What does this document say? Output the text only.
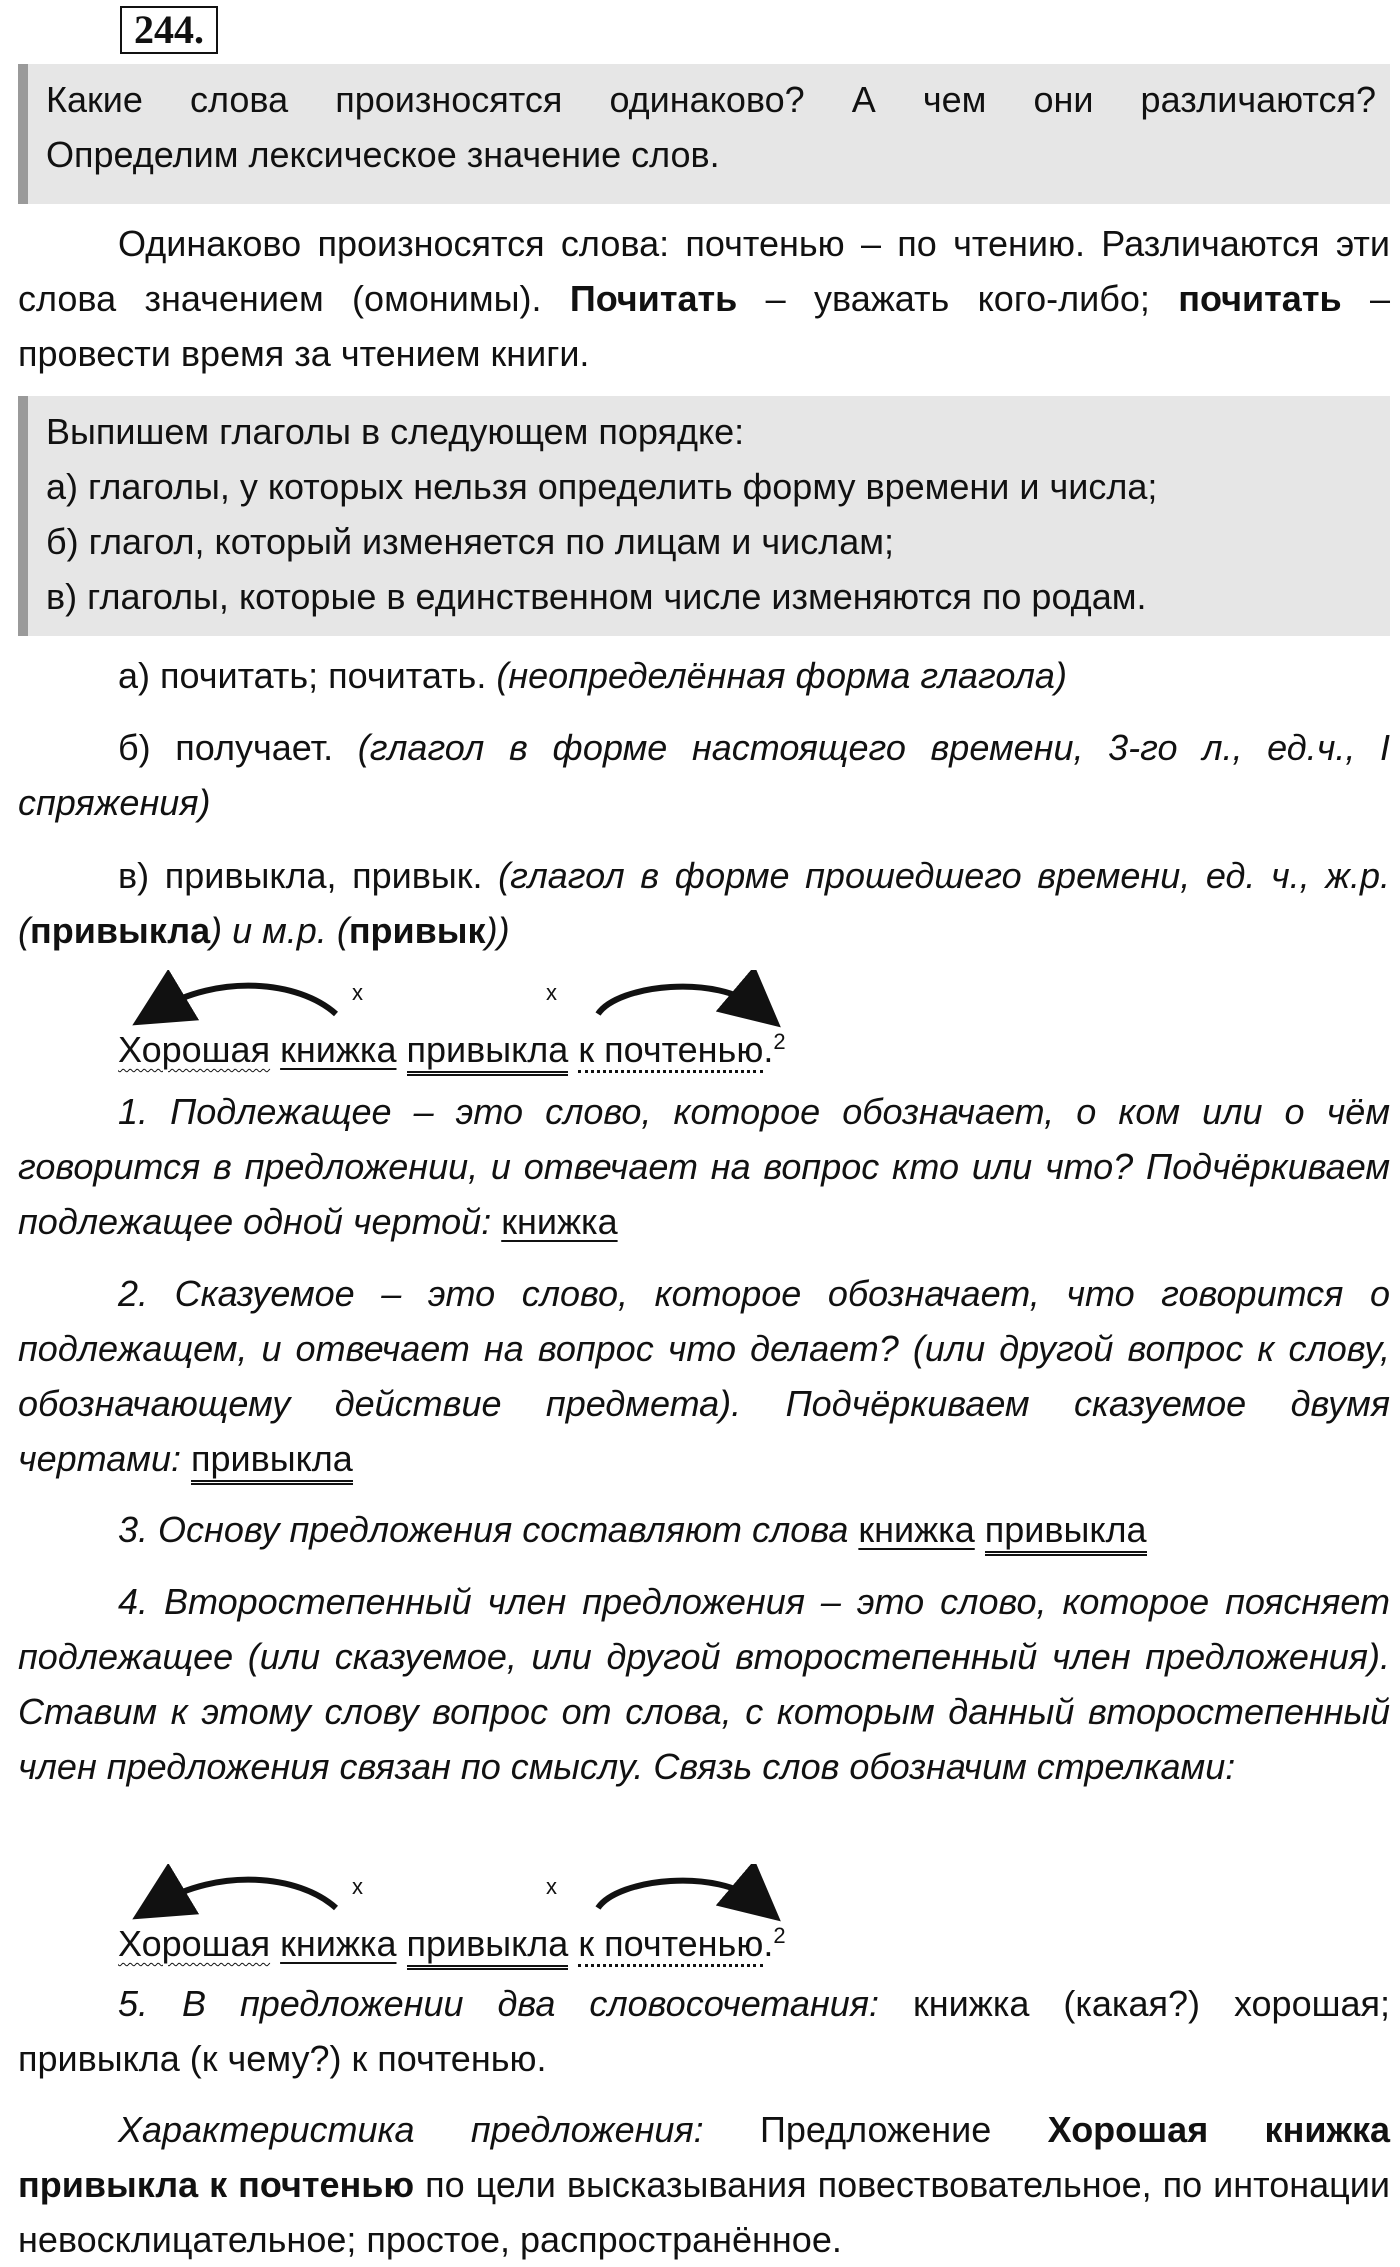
244.

Какие слова произносятся одинаково? А чем они различаются?

Определим лексическое значение слов.

Одинаково произносятся слова: почтенью – по чтению. Различаются эти слова значением (омонимы). Почитать – уважать кого-либо; почитать – провести время за чтением книги.

Выпишем глаголы в следующем порядке:

а) глаголы, у которых нельзя определить форму времени и числа;

б) глагол, который изменяется по лицам и числам;

в) глаголы, которые в единственном числе изменяются по родам.

а) почитать; почитать. (неопределённая форма глагола)

б) получает. (глагол в форме настоящего времени, 3-го л., ед.ч., I спряжения)

в) привыкла, привык. (глагол в форме прошедшего времени, ед. ч., ж.р. (привыкла) и м.р. (привык))

x	x
Хорошая книжка привыкла к почтенью.$^2$

1. Подлежащее – это слово, которое обозначает, о ком или о чём говорится в предложении, и отвечает на вопрос кто или что? Подчёркиваем подлежащее одной чертой: книжка

2. Сказуемое – это слово, которое обозначает, что говорится о подлежащем, и отвечает на вопрос что делает? (или другой вопрос к слову, обозначающему действие предмета). Подчёркиваем сказуемое двумя чертами: привыкла

3. Основу предложения составляют слова книжка привыкла

4. Второстепенный член предложения – это слово, которое поясняет подлежащее (или сказуемое, или другой второстепенный член предложения). Ставим к этому слову вопрос от слова, с которым данный второстепенный член предложения связан по смыслу. Связь слов обозначим стрелками:

x	x
Хорошая книжка привыкла к почтенью.$^2$

5. В предложении два словосочетания: книжка (какая?) хорошая; привыкла (к чему?) к почтенью.

Характеристика предложения: Предложение Хорошая книжка привыкла к почтенью по цели высказывания повествовательное, по интонации невосклицательное; простое, распространённое.
